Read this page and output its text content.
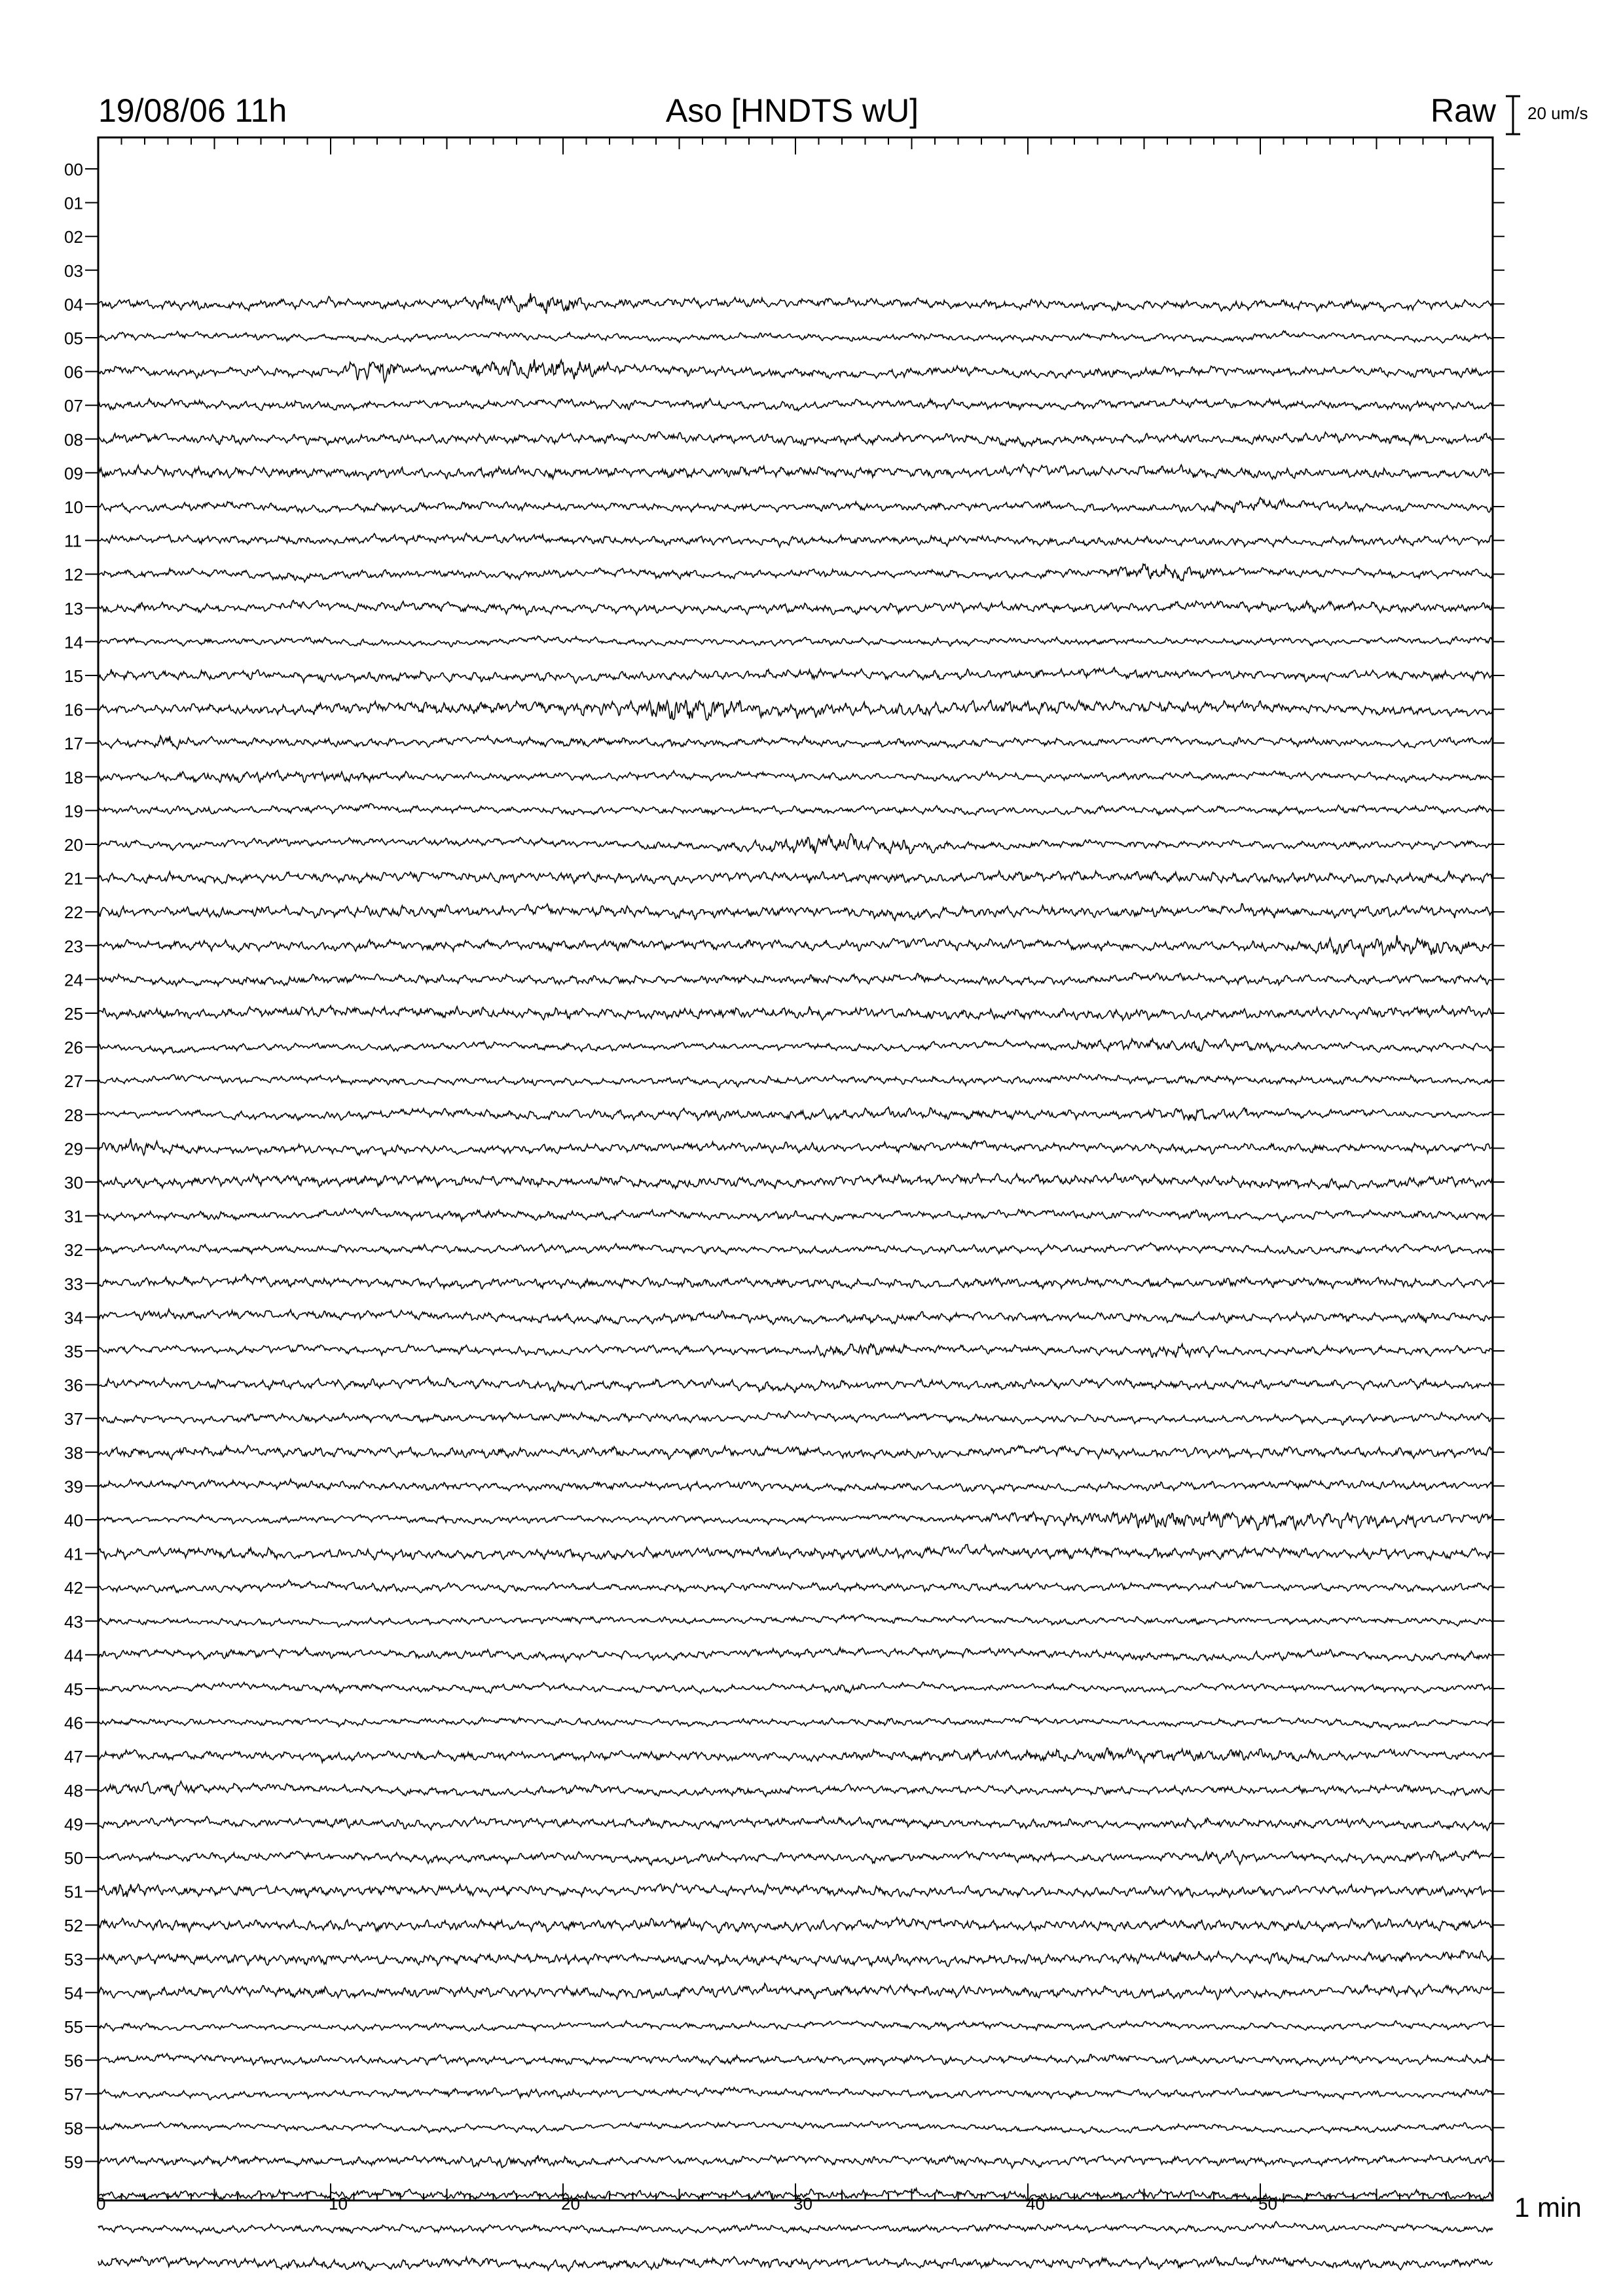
19/08/06 11h	Aso [HNDTS wU]	Raw 20 um/s
1 min
00
01
02
03
04
05
06
07
08
09
10
11
12
13
14
15
16
17
18
19
20
21
22
23
24
25
26
27
28
29
30
31
32
33
34
35
36
37
38
39
40
41
42
43
44
45
46
47
48
49
50
51
52
53
54
55
56
57
58
59
0	10	20	30	40	50
